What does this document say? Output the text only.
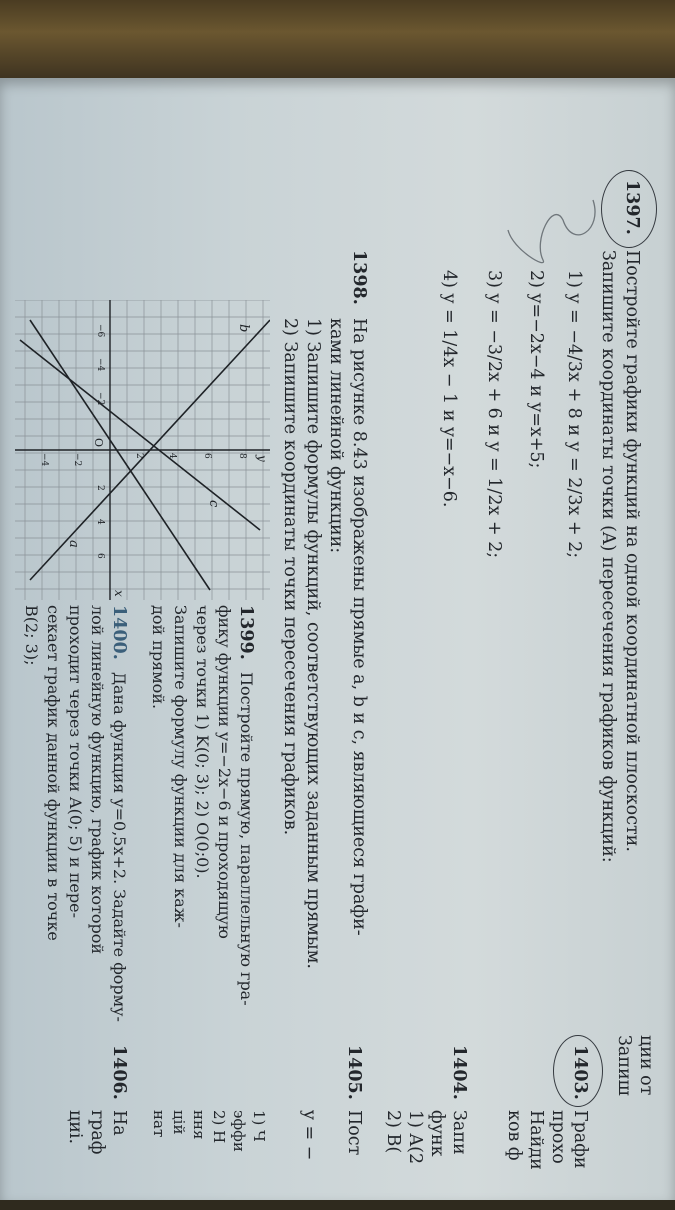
ции от
Запиш
1397.
Постройте графики функций на одной координатной плоскости.
Запишите координаты точки (A) пересечения графиков функций:
1) y = −4/3x + 8 и y = 2/3x + 2;
2) y=−2x−4 и y=x+5;
3) y = −3/2x + 6 и y = 1/2x + 2;
4) y = 1/4x − 1 и y=−x−6.
1403.
Графи
прохо
Найди
ков ф
1404.
Запи
функ
1) A(2
2) B(
1398.
На рисунке 8.43 изображены прямые a, b и c, являющиеся графи-
ками линейной функции:
1) Запишите формулы функций, соответствующих заданным прямым.
2) Запишите координаты точки пересечения графиков.
1405.
Пост
y = −
a
b
c
x
y
O
8
6
4
2
−2
−4
−2
−4
−6
2
4
6
1399.
Постройте прямую, параллельную гра-
фику функции y=−2x−6 и проходящую
через точки 1) K(0; 3); 2) O(0;0).
Запишите формулу функции для каж-
дой прямой.
1400.
Дана функция y=0,5x+2. Задайте форму-
лой линейную функцию, график которой
проходит через точки A(0; 5) и пере-
секает график данной функции в точке
B(2; 3);
1406.
На
граф
циі.	1) Ч
эффи
2) Н
ння
цій
нат
